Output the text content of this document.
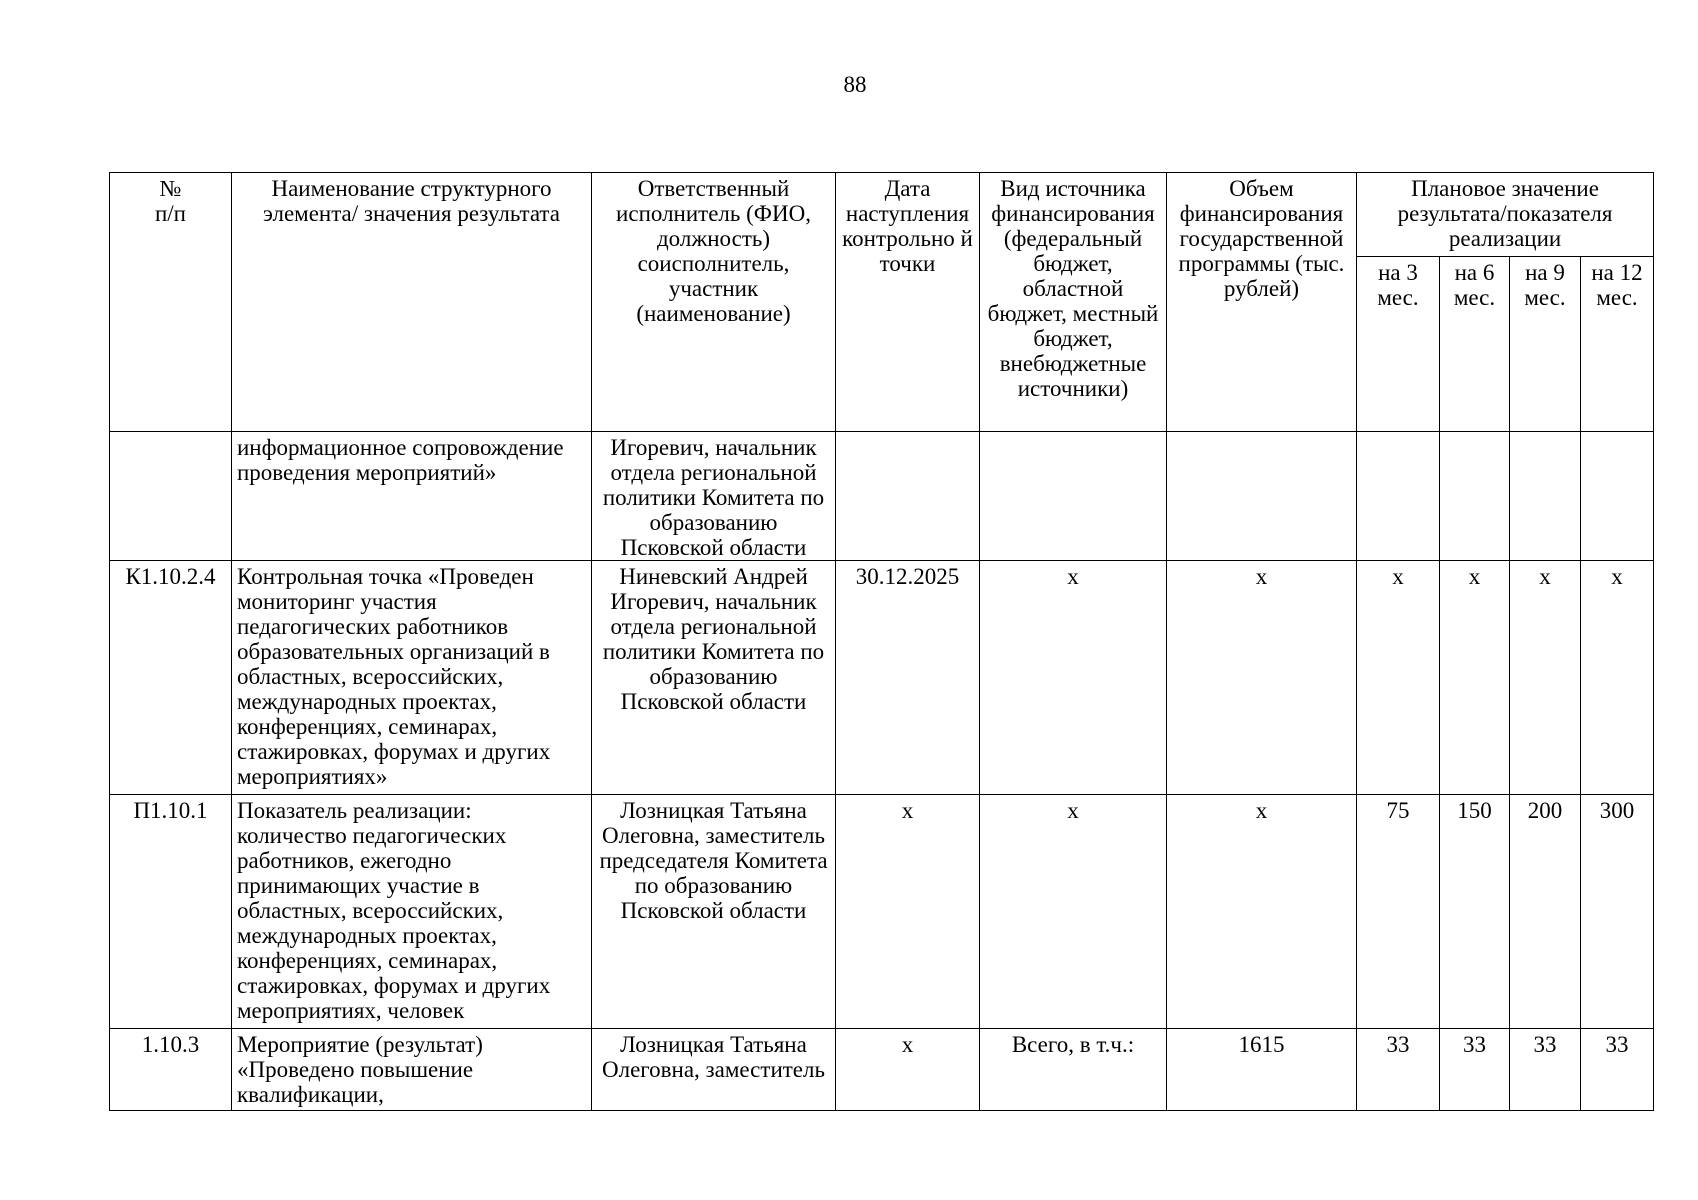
88
№
п/п	Наименование структурного элемента/ значения результата	Ответственный исполнитель (ФИО, должность) соисполнитель, участник (наименование)	Дата наступления контрольно й точки	Вид источника финансирования (федеральный бюджет, областной бюджет, местный бюджет, внебюджетные источники)	Объем финансирования государственной программы (тыс. рублей)	Плановое значение результата/показателя реализации			
						на 3 мес.	на 6 мес.	на 9 мес.	на 12 мес.
	информационное сопровождение проведения мероприятий»	Игоревич, начальник отдела региональной политики Комитета по образованию Псковской области							
К1.10.2.4	Контрольная точка «Проведен мониторинг участия педагогических работников образовательных организаций в областных, всероссийских, международных проектах, конференциях, семинарах, стажировках, форумах и других мероприятиях»	Ниневский Андрей Игоревич, начальник отдела региональной политики Комитета по образованию Псковской области	30.12.2025	х	х	х	х	х	х
П1.10.1	Показатель реализации: количество педагогических работников, ежегодно принимающих участие в областных, всероссийских, международных проектах, конференциях, семинарах, стажировках, форумах и других мероприятиях, человек	Лозницкая Татьяна Олеговна, заместитель председателя Комитета по образованию Псковской области	х	х	х	75	150	200	300
1.10.3	Мероприятие (результат) «Проведено повышение квалификации,	Лозницкая Татьяна Олеговна, заместитель	х	Всего, в т.ч.:	1615	33	33	33	33
